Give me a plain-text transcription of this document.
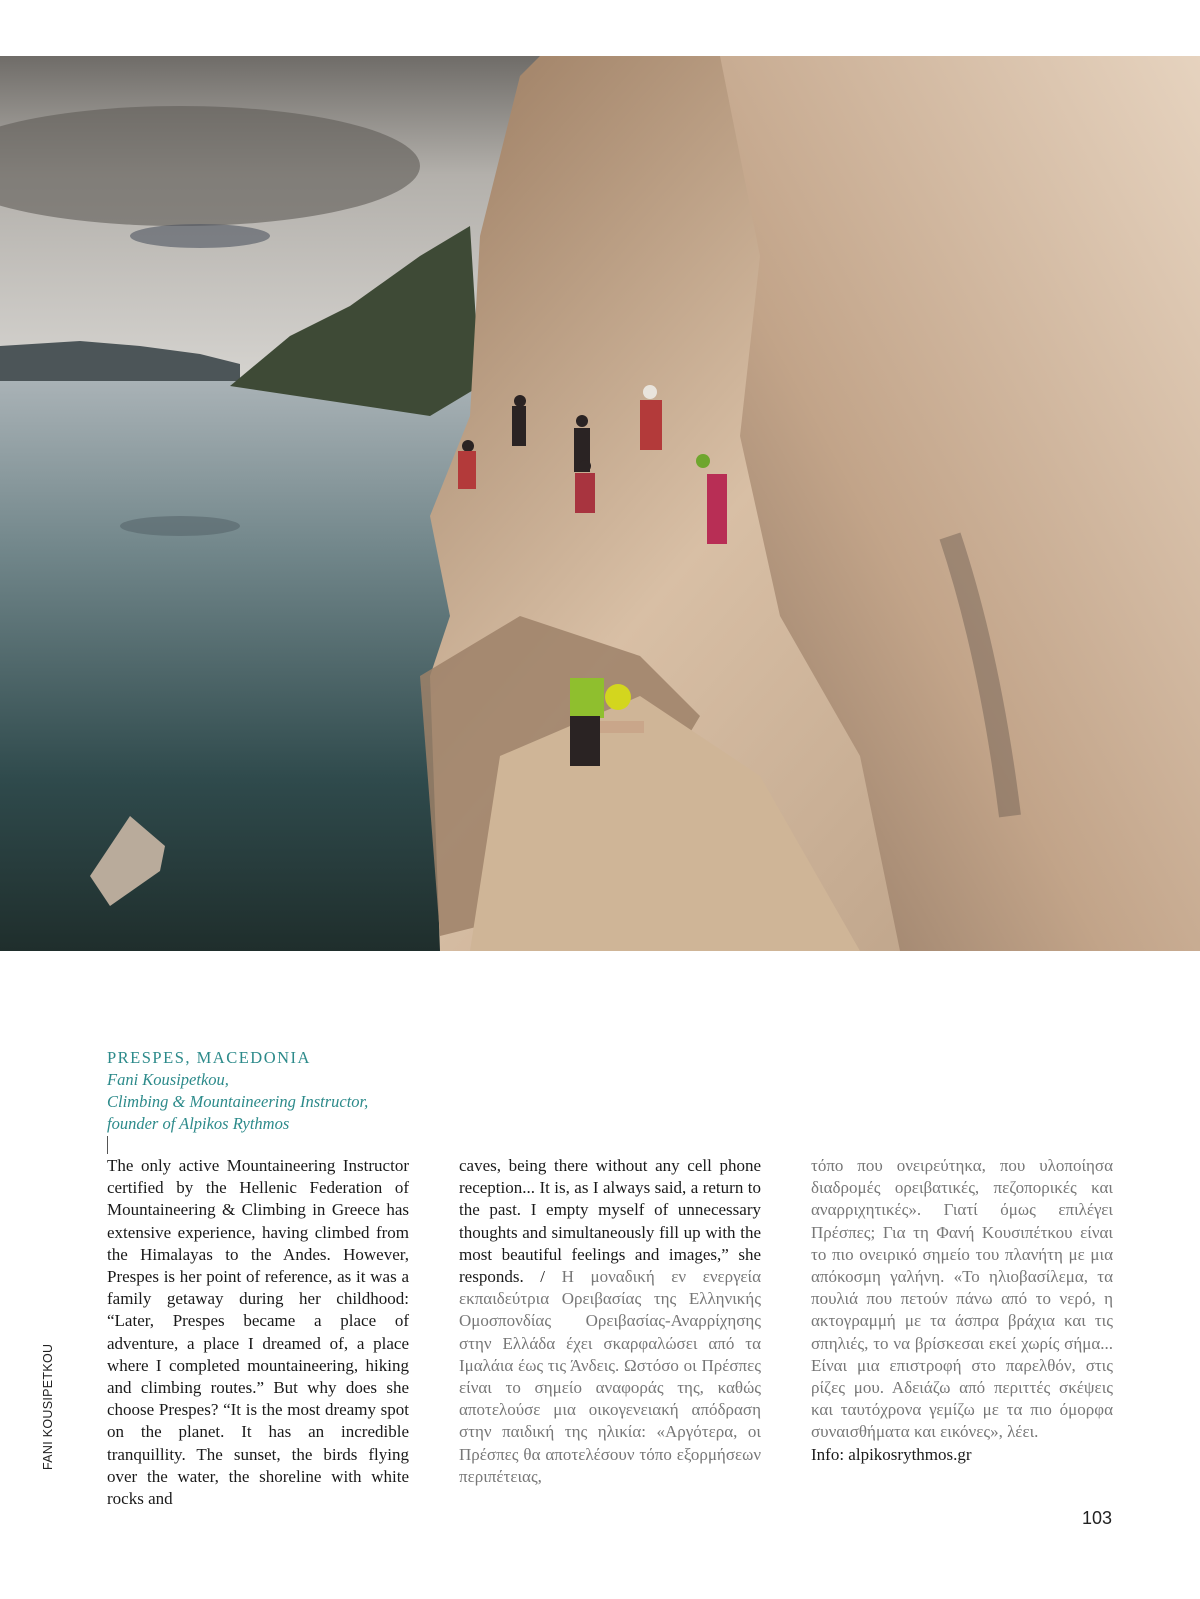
PRESPES, MACEDONIA
Fani Kousipetkou,
Climbing & Mountaineering Instructor,
founder of Alpikos Rythmos
The only active Mountaineering Instructor certified by the Hellenic Federation of Mountaineering & Climbing in Greece has extensive experience, having climbed from the Himalayas to the Andes. However, Prespes is her point of reference, as it was a family getaway during her childhood: “Later, Prespes became a place of adventure, a place I dreamed of, a place where I completed mountaineering, hiking and climbing routes.” But why does she choose Prespes? “It is the most dreamy spot on the planet. It has an incredible tranquillity. The sunset, the birds flying over the water, the shoreline with white rocks and
caves, being there without any cell phone reception... It is, as I always said, a return to the past. I empty myself of unnecessary thoughts and simultaneously fill up with the most beautiful feelings and images,” she responds. / Η μοναδική εν ενεργεία εκπαιδεύτρια Ορειβασίας της Ελληνικής Ομοσπονδίας Ορειβασίας-Αναρρίχησης στην Ελλάδα έχει σκαρφαλώσει από τα Ιμαλάια έως τις Άνδεις. Ωστόσο οι Πρέσπες είναι το σημείο αναφοράς της, καθώς αποτελούσε μια οικογενειακή απόδραση στην παιδική της ηλικία: «Αργότερα, οι Πρέσπες θα αποτελέσουν τόπο εξορμήσεων περιπέτειας,
τόπο που ονειρεύτηκα, που υλοποίησα διαδρομές ορειβατικές, πεζοπορικές και αναρριχητικές». Γιατί όμως επιλέγει Πρέσπες; Για τη Φανή Κουσιπέτκου είναι το πιο ονειρικό σημείο του πλανήτη με μια απόκοσμη γαλήνη. «Το ηλιοβασίλεμα, τα πουλιά που πετούν πάνω από το νερό, η ακτογραμμή με τα άσπρα βράχια και τις σπηλιές, το να βρίσκεσαι εκεί χωρίς σήμα... Είναι μια επιστροφή στο παρελθόν, στις ρίζες μου. Αδειάζω από περιττές σκέψεις και ταυτόχρονα γεμίζω με τα πιο όμορφα συναισθήματα και εικόνες», λέει.
Info: alpikosrythmos.gr
FANI KOUSIPETKOU
103
